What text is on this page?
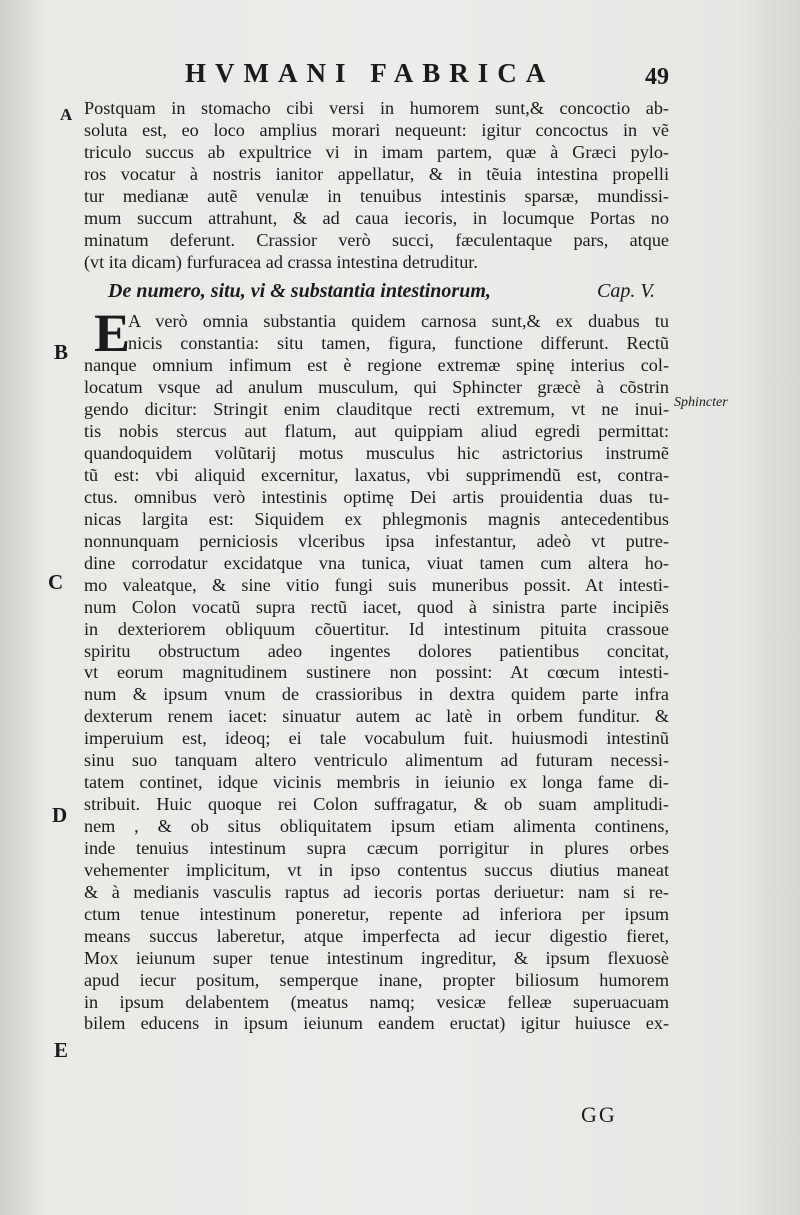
HVMANI FABRICA	49
A
B
C
D
E
Sphincter
Postquam in stomacho cibi versi in humorem sunt,& concoctio ab-
soluta est, eo loco amplius morari nequeunt: igitur concoctus in vẽ
triculo succus ab expultrice vi in imam partem, quæ à Græci pylo-
ros vocatur à nostris ianitor appellatur, & in tẽuia intestina propelli
tur medianæ autẽ venulæ in tenuibus intestinis sparsæ, mundissi-
mum succum attrahunt, & ad caua iecoris, in locumque Portas no
minatum deferunt. Crassior verò succi, fæculentaque pars, atque
(vt ita dicam) furfuracea ad crassa intestina detruditur.
De numero, situ, vi & substantia intestinorum,	Cap. V.
E
A verò omnia substantia quidem carnosa sunt,& ex duabus tu
nicis constantia: situ tamen, figura, functione differunt. Rectũ
nanque omnium infimum est è regione extremæ spinę interius col-
locatum vsque ad anulum musculum, qui Sphincter græcè à cõstrin
gendo dicitur: Stringit enim clauditque recti extremum, vt ne inui-
tis nobis stercus aut flatum, aut quippiam aliud egredi permittat:
quandoquidem volũtarij motus musculus hic astrictorius instrumẽ
tũ est: vbi aliquid excernitur, laxatus, vbi supprimendũ est, contra-
ctus. omnibus verò intestinis optimę Dei artis prouidentia duas tu-
nicas largita est: Siquidem ex phlegmonis magnis antecedentibus
nonnunquam perniciosis vlceribus ipsa infestantur, adeò vt putre-
dine corrodatur excidatque vna tunica, viuat tamen cum altera ho-
mo valeatque, & sine vitio fungi suis muneribus possit. At intesti-
num Colon vocatũ supra rectũ iacet, quod à sinistra parte incipiẽs
in dexteriorem obliquum cõuertitur. Id intestinum pituita crassoue
spiritu obstructum adeo ingentes dolores patientibus concitat,
vt eorum magnitudinem sustinere non possint: At cœcum intesti-
num & ipsum vnum de crassioribus in dextra quidem parte infra
dexterum renem iacet: sinuatur autem ac latè in orbem funditur. &
imperuium est, ideoq; ei tale vocabulum fuit. huiusmodi intestinũ
sinu suo tanquam altero ventriculo alimentum ad futuram necessi-
tatem continet, idque vicinis membris in ieiunio ex longa fame di-
stribuit. Huic quoque rei Colon suffragatur, & ob suam amplitudi-
nem , & ob situs obliquitatem ipsum etiam alimenta continens,
inde tenuius intestinum supra cæcum porrigitur in plures orbes
vehementer implicitum, vt in ipso contentus succus diutius maneat
& à medianis vasculis raptus ad iecoris portas deriuetur: nam si re-
ctum tenue intestinum poneretur, repente ad inferiora per ipsum
means succus laberetur, atque imperfecta ad iecur digestio fieret,
Mox ieiunum super tenue intestinum ingreditur, & ipsum flexuosè
apud iecur positum, semperque inane, propter biliosum humorem
in ipsum delabentem (meatus namq; vesicæ felleæ superuacuam
bilem educens in ipsum ieiunum eandem eructat) igitur huiusce ex-
GG
